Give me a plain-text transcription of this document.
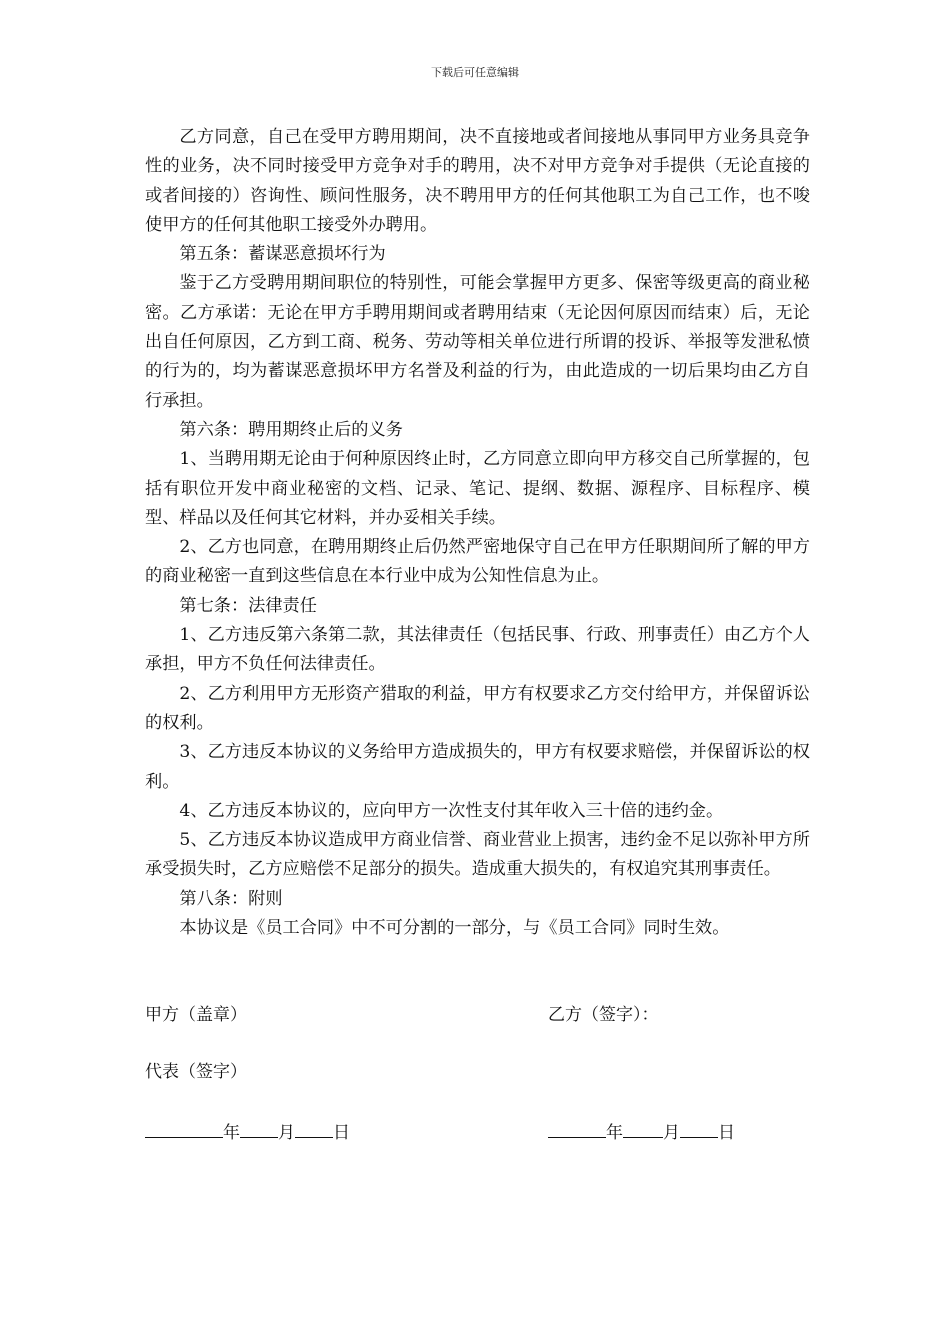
下载后可任意编辑

乙方同意，自己在受甲方聘用期间，决不直接地或者间接地从事同甲方业务具竞争性的业务，决不同时接受甲方竞争对手的聘用，决不对甲方竞争对手提供（无论直接的或者间接的）咨询性、顾问性服务，决不聘用甲方的任何其他职工为自己工作，也不唆使甲方的任何其他职工接受外办聘用。

第五条：蓄谋恶意损坏行为

鉴于乙方受聘用期间职位的特别性，可能会掌握甲方更多、保密等级更高的商业秘密。乙方承诺：无论在甲方手聘用期间或者聘用结束（无论因何原因而结束）后，无论出自任何原因，乙方到工商、税务、劳动等相关单位进行所谓的投诉、举报等发泄私愤的行为的，均为蓄谋恶意损坏甲方名誉及利益的行为，由此造成的一切后果均由乙方自行承担。

第六条：聘用期终止后的义务

1、当聘用期无论由于何种原因终止时，乙方同意立即向甲方移交自己所掌握的，包括有职位开发中商业秘密的文档、记录、笔记、提纲、数据、源程序、目标程序、模型、样品以及任何其它材料，并办妥相关手续。

2、乙方也同意，在聘用期终止后仍然严密地保守自己在甲方任职期间所了解的甲方的商业秘密一直到这些信息在本行业中成为公知性信息为止。

第七条：法律责任

1、乙方违反第六条第二款，其法律责任（包括民事、行政、刑事责任）由乙方个人承担，甲方不负任何法律责任。

2、乙方利用甲方无形资产猎取的利益，甲方有权要求乙方交付给甲方，并保留诉讼的权利。

3、乙方违反本协议的义务给甲方造成损失的，甲方有权要求赔偿，并保留诉讼的权利。

4、乙方违反本协议的，应向甲方一次性支付其年收入三十倍的违约金。

5、乙方违反本协议造成甲方商业信誉、商业营业上损害，违约金不足以弥补甲方所承受损失时，乙方应赔偿不足部分的损失。造成重大损失的，有权追究其刑事责任。

第八条：附则

本协议是《员工合同》中不可分割的一部分，与《员工合同》同时生效。

甲方（盖章）	乙方（签字）：
代表（签字）
年 月 日	年 月 日
